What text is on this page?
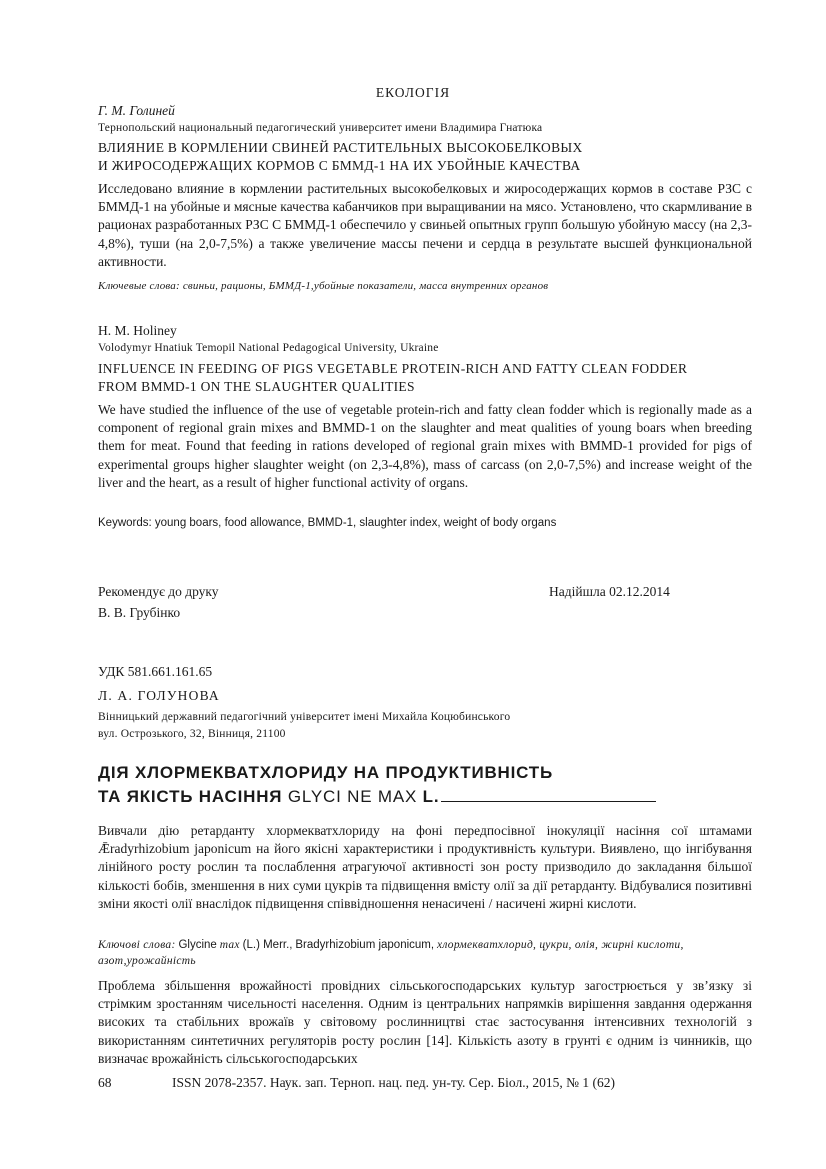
ЕКОЛОГІЯ
Г. М. Голиней
Тернопольский национальный педагогический университет имени Владимира Гнатюка
ВЛИЯНИЕ В КОРМЛЕНИИ СВИНЕЙ РАСТИТЕЛЬНЫХ ВЫСОКОБЕЛКОВЫХ
И ЖИРОСОДЕРЖАЩИХ КОРМОВ С БММД-1 НА ИХ УБОЙНЫЕ КАЧЕСТВА
Исследовано влияние в кормлении растительных высокобелковых и жиросодержащих кормов в составе РЗС с БММД-1 на убойные и мясные качества кабанчиков при выращивании на мясо. Установлено, что скармливание в рационах разработанных РЗС С БММД-1 обеспечило у свиньей опытных групп большую убойную массу (на 2,3-4,8%), туши (на 2,0-7,5%) а также увеличение массы печени и сердца в результате высшей функциональной активности.
Ключевые слова: свиньи, рационы, БММД-1,убойные показатели, масса внутренних органов
H. M. Holiney
Volodymyr Hnatiuk Temopil National Pedagogical University, Ukraine
INFLUENCE IN FEEDING OF PIGS VEGETABLE PROTEIN-RICH AND FATTY CLEAN FODDER
FROM BMMD-1 ON THE SLAUGHTER QUALITIES
We have studied the influence of the use of vegetable protein-rich and fatty clean fodder which is regionally made as a component of regional grain mixes and BMMD-1 on the slaughter and meat qualities of young boars when breeding them for meat. Found that feeding in rations developed of regional grain mixes with BMMD-1 provided for pigs of experimental groups higher slaughter weight (on 2,3-4,8%), mass of carcass (on 2,0-7,5%) and increase weight of the liver and the heart, as a result of higher functional activity of organs.
Keywords: young boars, food allowance, BMMD-1, slaughter index, weight of body organs
Рекомендує до друку	Надійшла 02.12.2014
В. В. Грубінко
УДК 581.661.161.65
Л. А. ГОЛУНОВА
Вінницький державний педагогічний університет імені Михайла Коцюбинського
вул. Острозького, 32, Вінниця, 21100
ДІЯ ХЛОРМЕКВАТХЛОРИДУ НА ПРОДУКТИВНІСТЬ
ТА ЯКІСТЬ НАСІННЯ GLYCI NE MAX L.
Вивчали дію ретарданту хлормекватхлориду на фоні передпосівної інокуляції насіння сої штамами Ǣradyrhizobium japonicum на його якісні характеристики і продуктивність культури. Виявлено, що інгібування лінійного росту рослин та послаблення атрагуючої активності зон росту призводило до закладання більшої кількості бобів, зменшення в них суми цукрів та підвищення вмісту олії за дії ретарданту. Відбувалися позитивні зміни якості олії внаслідок підвищення співвідношення ненасичені / насичені жирні кислоти.
Ключові слова: Glycine max (L.) Merr., Bradyrhizobium japonicum, хлормекватхлорид, цукри, олія, жирні кислоти, азот,урожайність
Проблема збільшення врожайності провідних сільськогосподарських культур загострюється у зв’язку зі стрімким зростанням чисельності населення. Одним із центральних напрямків вирішення завдання одержання високих та стабільних врожаїв у світовому рослинництві стає застосування інтенсивних технологій з використанням синтетичних регуляторів росту рослин [14]. Кількість азоту в грунті є одним із чинників, що визначає врожайність сільськогосподарських
68	ISSN 2078-2357. Наук. зап. Терноп. нац. пед. ун-ту. Сер. Біол., 2015, № 1 (62)
